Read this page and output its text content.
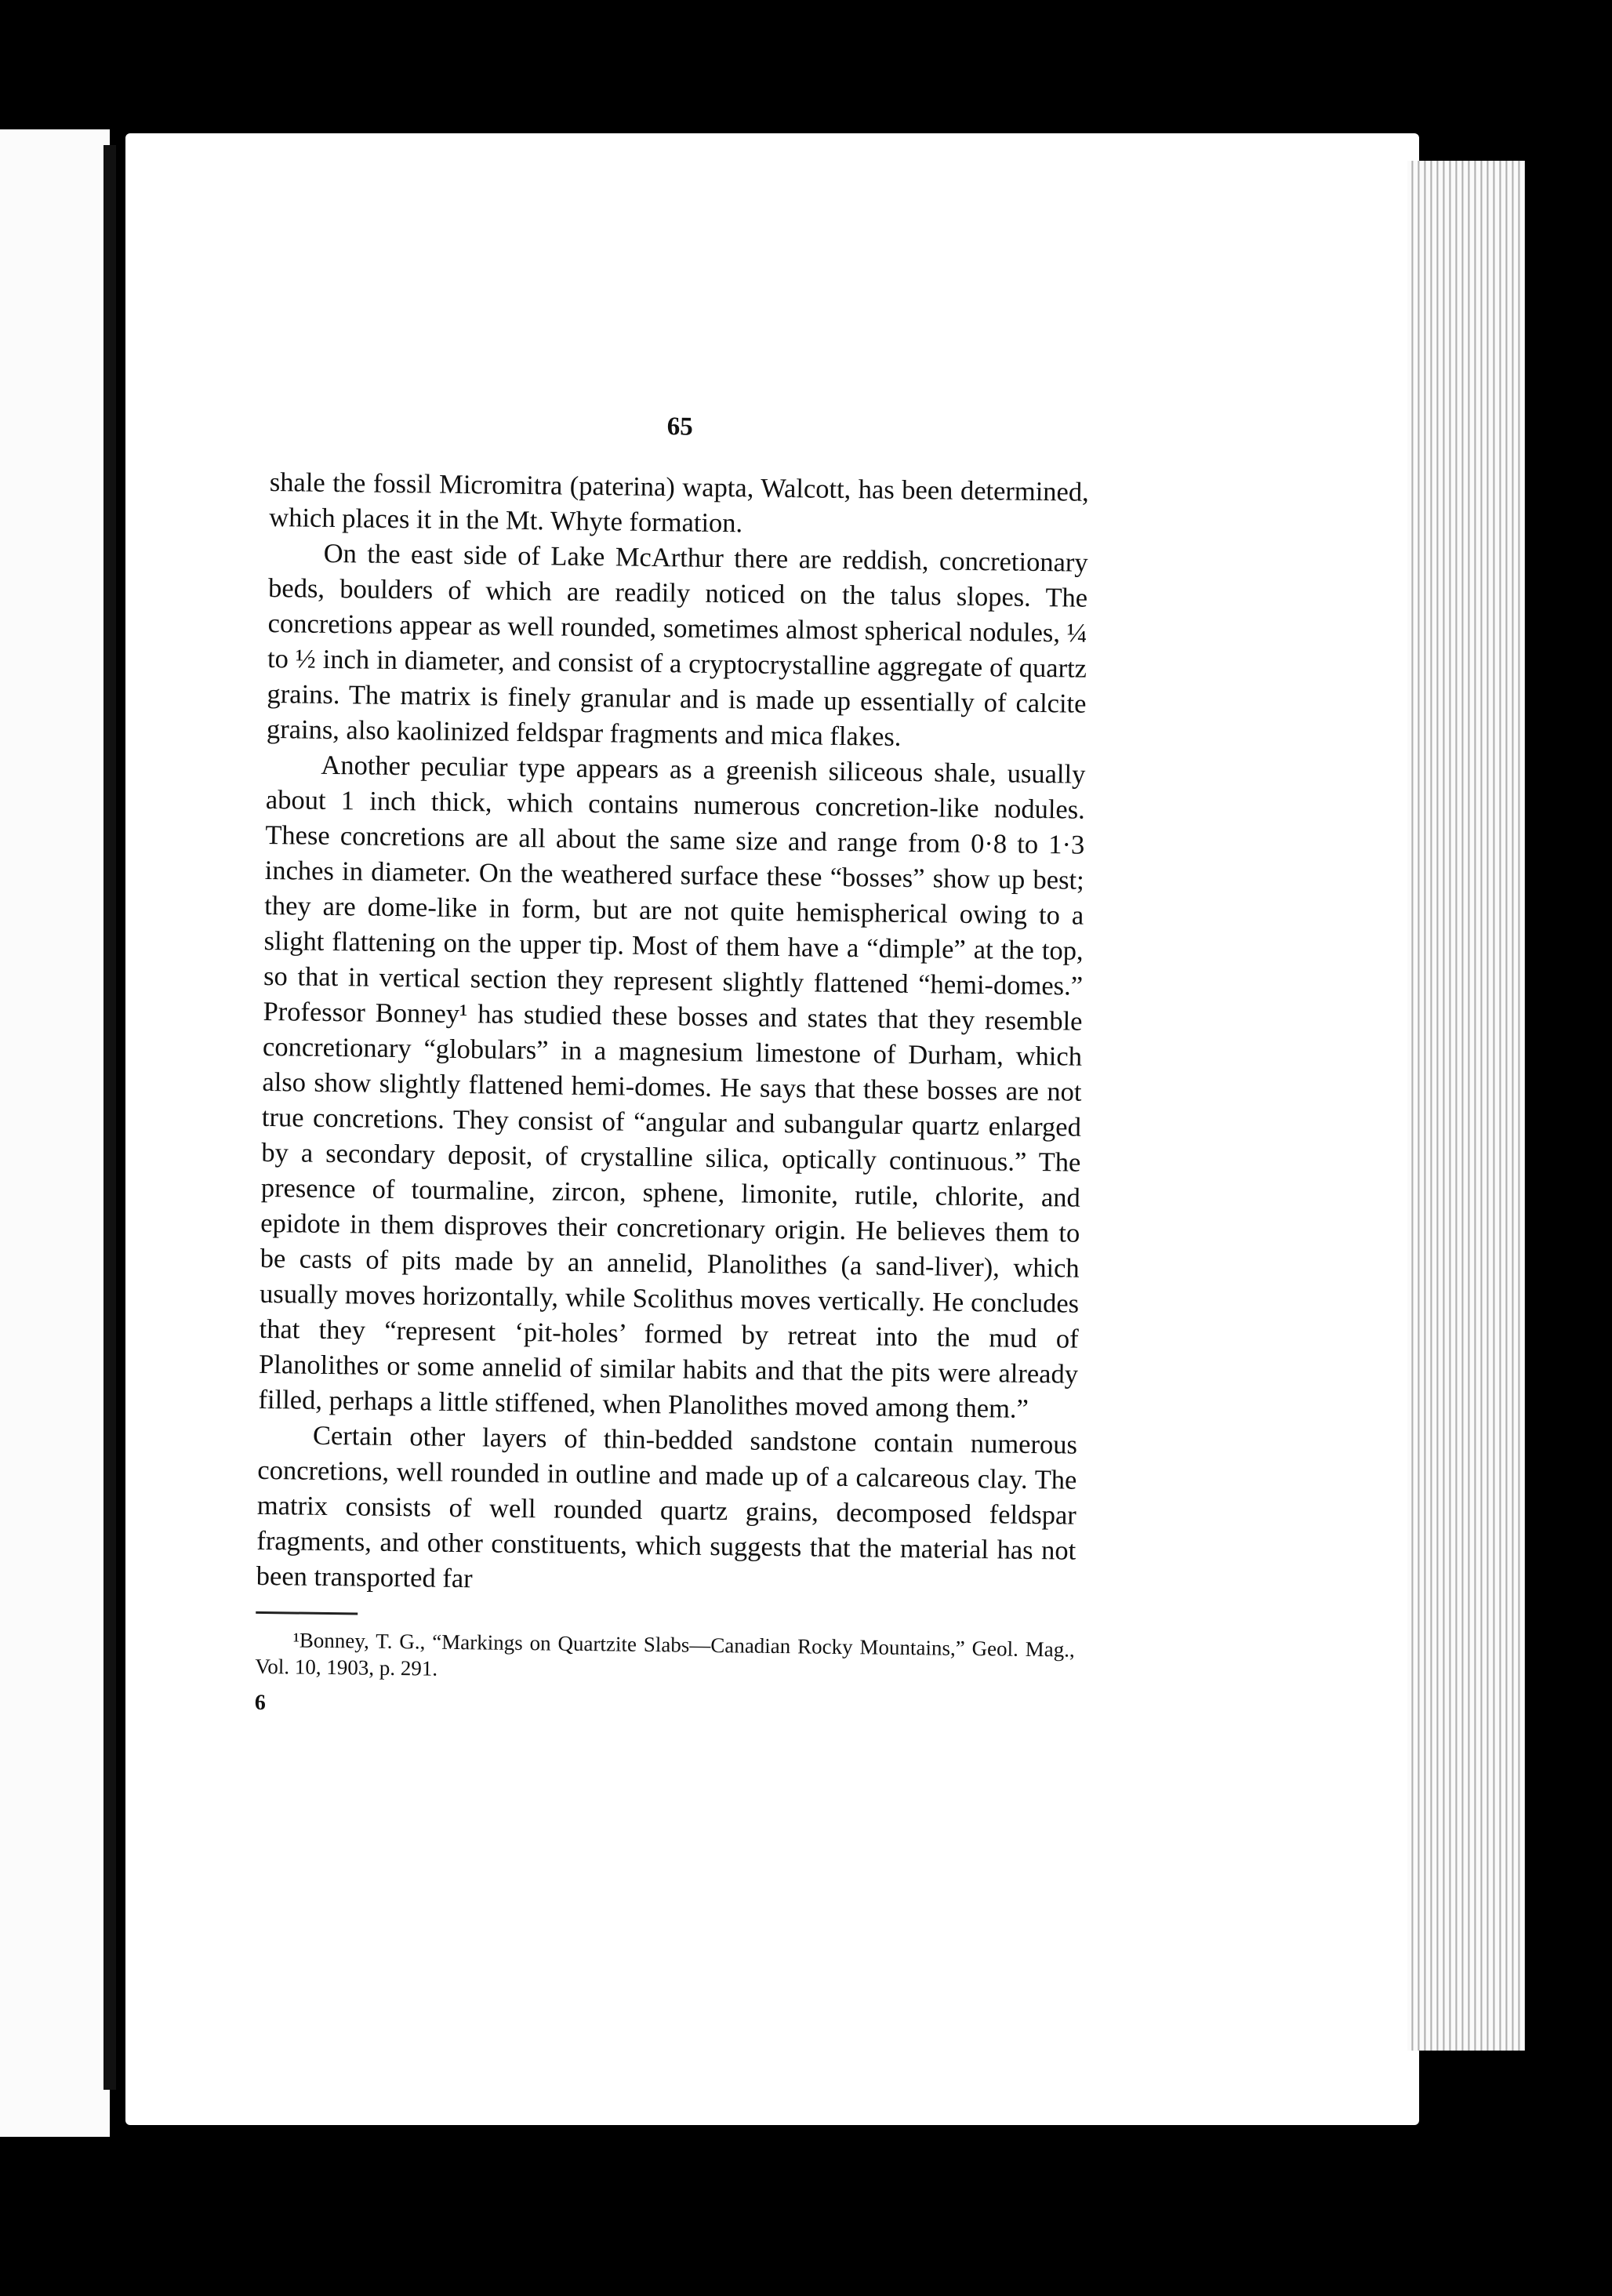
65

shale the fossil Micromitra (paterina) wapta, Walcott, has been determined, which places it in the Mt. Whyte formation.

On the east side of Lake McArthur there are reddish, concretionary beds, boulders of which are readily noticed on the talus slopes. The concretions appear as well rounded, sometimes almost spherical nodules, ¼ to ½ inch in diameter, and consist of a cryptocrystalline aggregate of quartz grains. The matrix is finely granular and is made up essentially of calcite grains, also kaolinized feldspar fragments and mica flakes.

Another peculiar type appears as a greenish siliceous shale, usually about 1 inch thick, which contains numerous concretion-like nodules. These concretions are all about the same size and range from 0·8 to 1·3 inches in diameter. On the weathered surface these “bosses” show up best; they are dome-like in form, but are not quite hemispherical owing to a slight flattening on the upper tip. Most of them have a “dimple” at the top, so that in vertical section they represent slightly flattened “hemi-domes.” Professor Bonney¹ has studied these bosses and states that they resemble concretionary “globulars” in a magnesium limestone of Durham, which also show slightly flattened hemi-domes. He says that these bosses are not true concretions. They consist of “angular and subangular quartz enlarged by a secondary deposit, of crystalline silica, optically continuous.” The presence of tourmaline, zircon, sphene, limonite, rutile, chlorite, and epidote in them disproves their concretionary origin. He believes them to be casts of pits made by an annelid, Planolithes (a sand-liver), which usually moves horizontally, while Scolithus moves vertically. He concludes that they “represent ‘pit-holes’ formed by retreat into the mud of Planolithes or some annelid of similar habits and that the pits were already filled, perhaps a little stiffened, when Planolithes moved among them.”

Certain other layers of thin-bedded sandstone contain numerous concretions, well rounded in outline and made up of a calcareous clay. The matrix consists of well rounded quartz grains, decomposed feldspar fragments, and other constituents, which suggests that the material has not been transported far

¹Bonney, T. G., “Markings on Quartzite Slabs—Canadian Rocky Mountains,” Geol. Mag., Vol. 10, 1903, p. 291.

6
